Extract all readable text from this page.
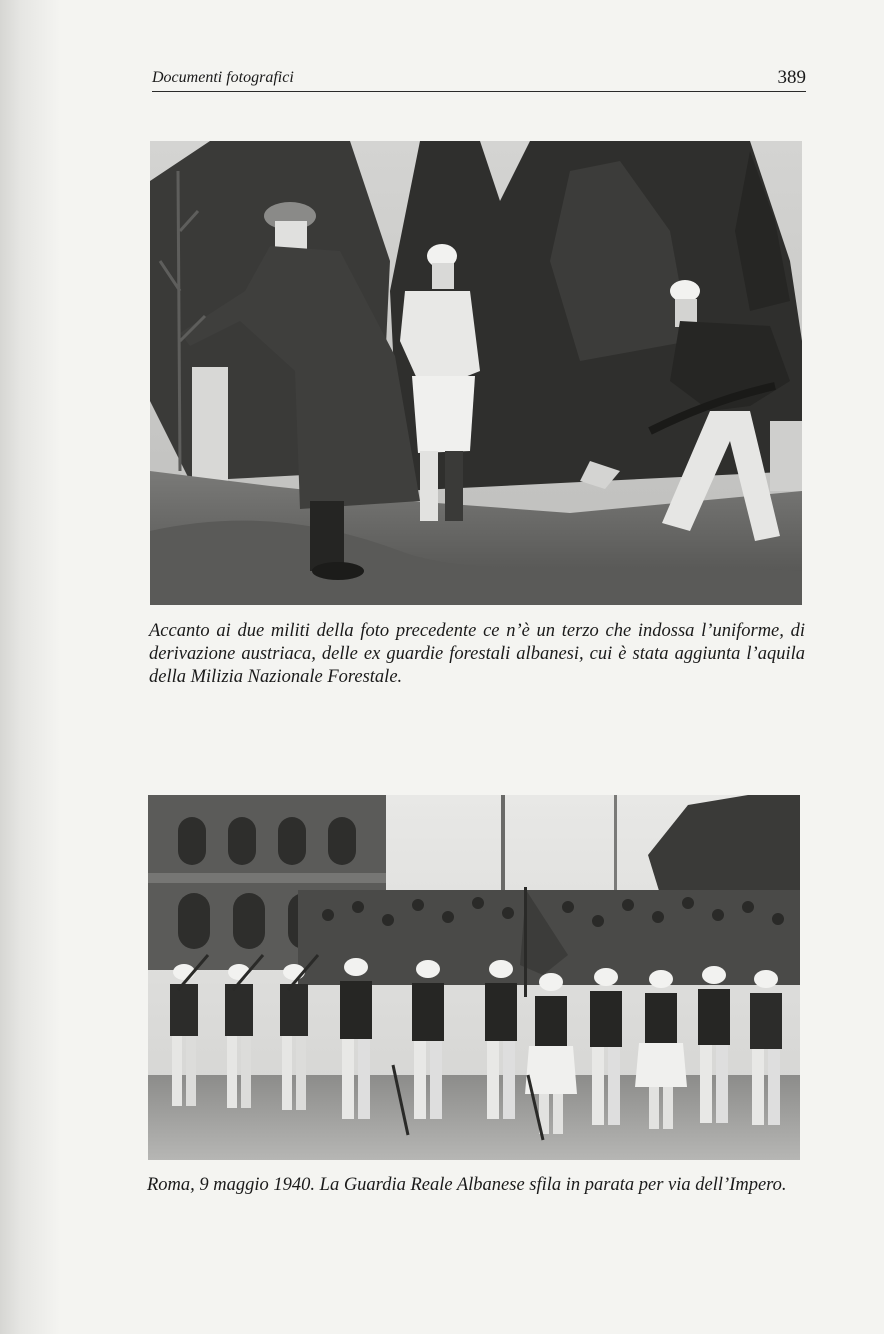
Documenti fotografici	389
Accanto ai due militi della foto precedente ce n’è un terzo che indossa l’uniforme, di derivazione austriaca, delle ex guardie forestali albanesi, cui è stata aggiunta l’aquila della Milizia Nazionale Forestale.
Roma, 9 maggio 1940. La Guardia Reale Albanese sfila in parata per via dell’Impero.
